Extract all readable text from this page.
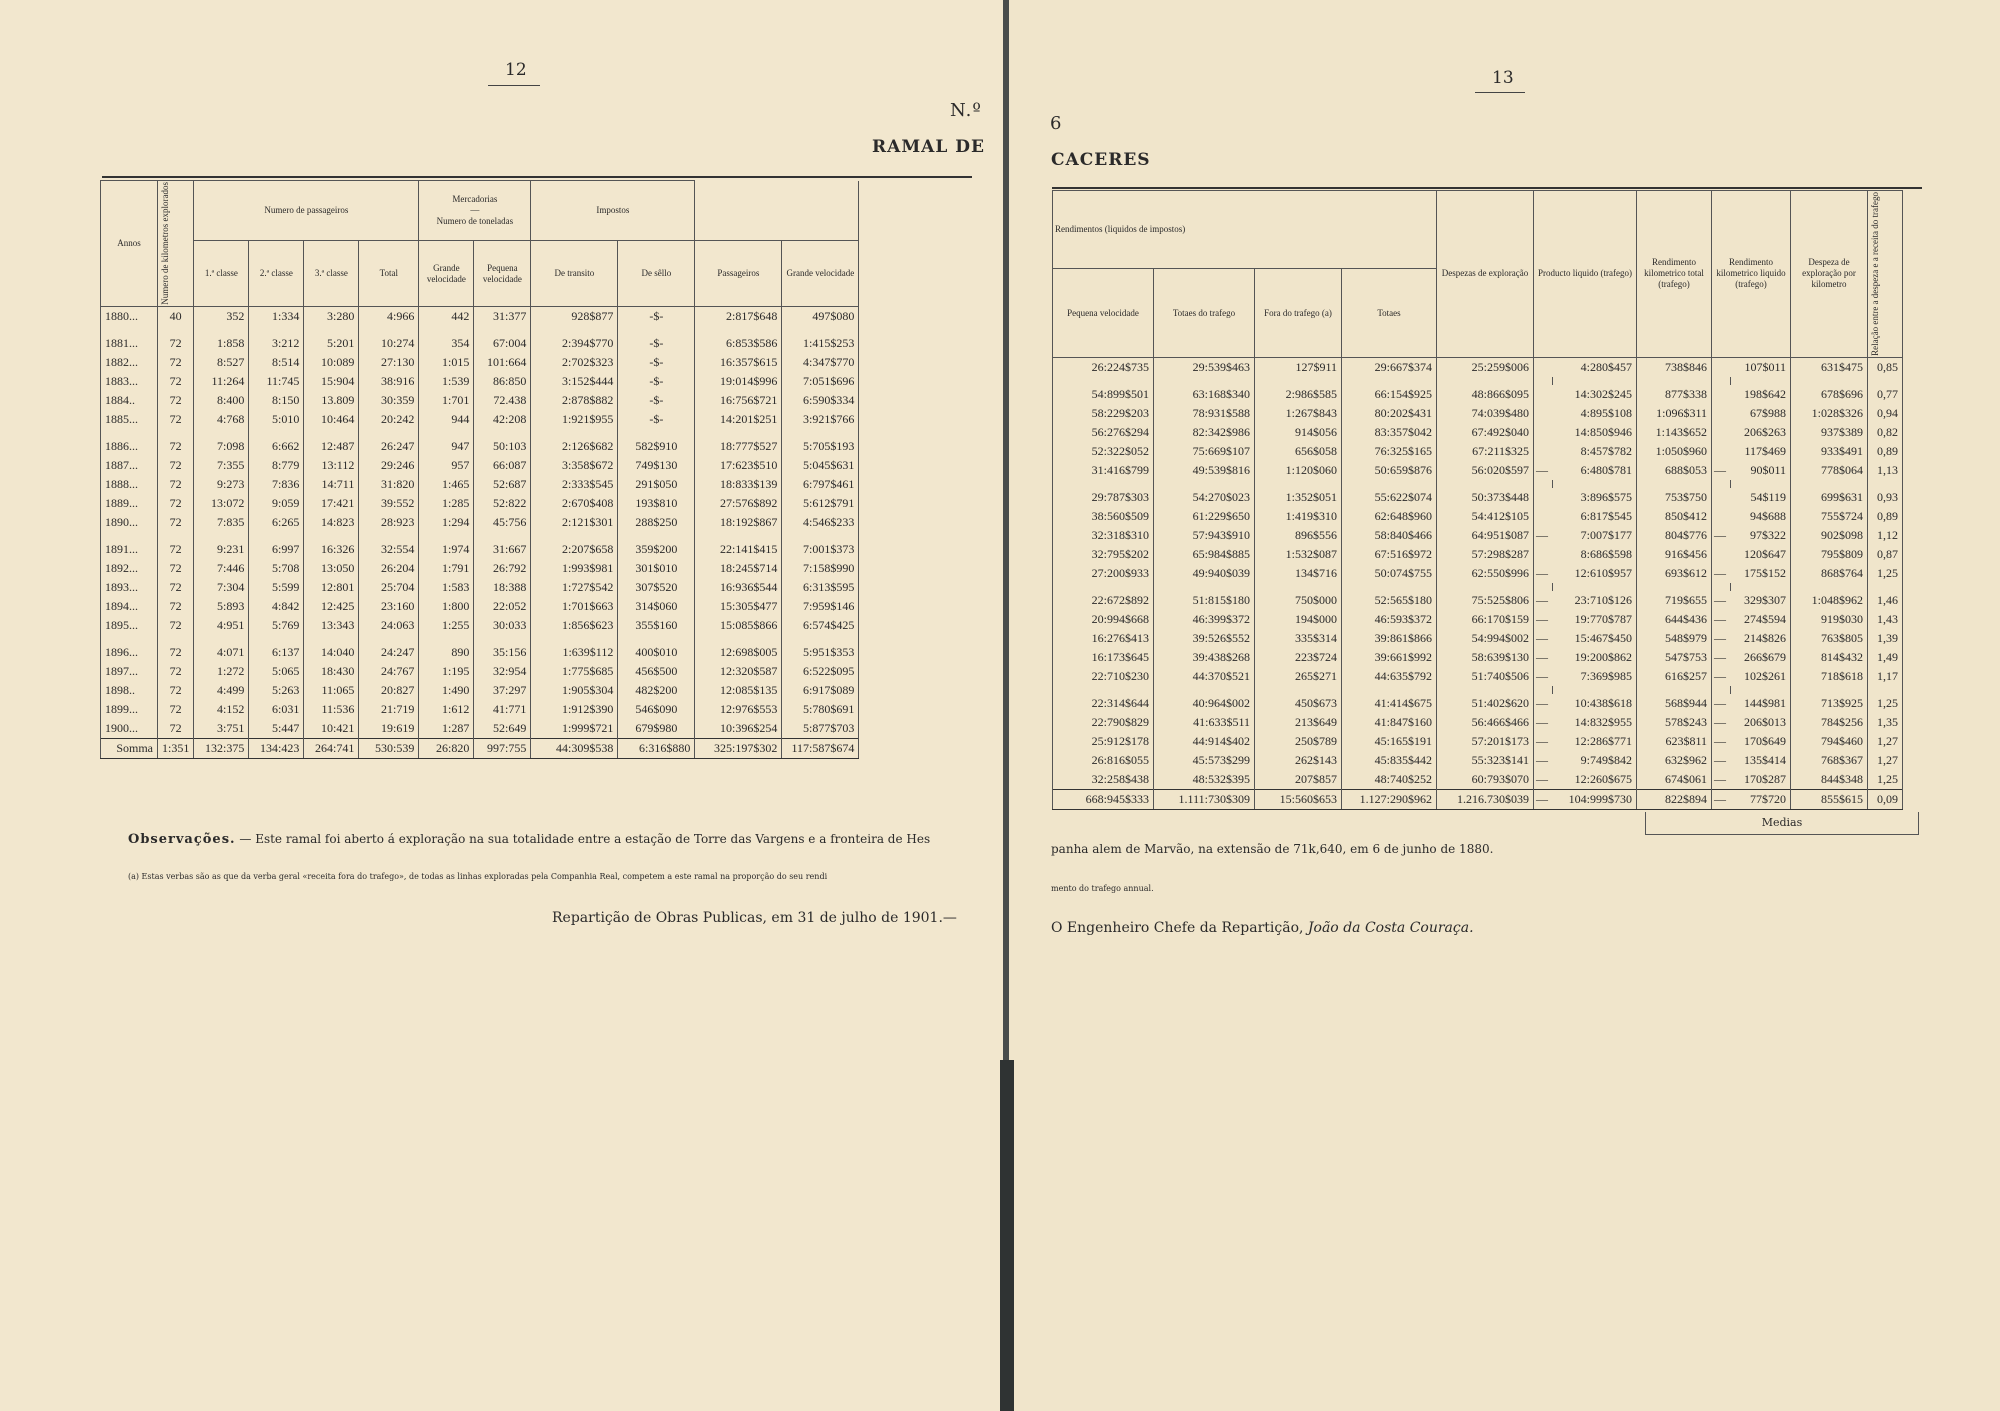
12
N.º
RAMAL DE
Annos	Numero de kilometros explorados	Numero de passageiros				Mercadorias
—
Numero de toneladas		Impostos			
		1.ª classe	2.ª classe	3.ª classe	Total	Grande velocidade	Pequena velocidade	De transito	De sêllo	Passageiros	Grande velocidade
1880...	40	352	1:334	3:280	4:966	442	31:377	928$877	-$-	2:817$648	497$080

1881...	72	1:858	3:212	5:201	10:274	354	67:004	2:394$770	-$-	6:853$586	1:415$253
1882...	72	8:527	8:514	10:089	27:130	1:015	101:664	2:702$323	-$-	16:357$615	4:347$770
1883...	72	11:264	11:745	15:904	38:916	1:539	86:850	3:152$444	-$-	19:014$996	7:051$696
1884..	72	8:400	8:150	13.809	30:359	1:701	72.438	2:878$882	-$-	16:756$721	6:590$334
1885...	72	4:768	5:010	10:464	20:242	944	42:208	1:921$955	-$-	14:201$251	3:921$766

1886...	72	7:098	6:662	12:487	26:247	947	50:103	2:126$682	582$910	18:777$527	5:705$193
1887...	72	7:355	8:779	13:112	29:246	957	66:087	3:358$672	749$130	17:623$510	5:045$631
1888...	72	9:273	7:836	14:711	31:820	1:465	52:687	2:333$545	291$050	18:833$139	6:797$461
1889...	72	13:072	9:059	17:421	39:552	1:285	52:822	2:670$408	193$810	27:576$892	5:612$791
1890...	72	7:835	6:265	14:823	28:923	1:294	45:756	2:121$301	288$250	18:192$867	4:546$233

1891...	72	9:231	6:997	16:326	32:554	1:974	31:667	2:207$658	359$200	22:141$415	7:001$373
1892...	72	7:446	5:708	13:050	26:204	1:791	26:792	1:993$981	301$010	18:245$714	7:158$990
1893...	72	7:304	5:599	12:801	25:704	1:583	18:388	1:727$542	307$520	16:936$544	6:313$595
1894...	72	5:893	4:842	12:425	23:160	1:800	22:052	1:701$663	314$060	15:305$477	7:959$146
1895...	72	4:951	5:769	13:343	24:063	1:255	30:033	1:856$623	355$160	15:085$866	6:574$425

1896...	72	4:071	6:137	14:040	24:247	890	35:156	1:639$112	400$010	12:698$005	5:951$353
1897...	72	1:272	5:065	18:430	24:767	1:195	32:954	1:775$685	456$500	12:320$587	6:522$095
1898..	72	4:499	5:263	11:065	20:827	1:490	37:297	1:905$304	482$200	12:085$135	6:917$089
1899...	72	4:152	6:031	11:536	21:719	1:612	41:771	1:912$390	546$090	12:976$553	5:780$691
1900...	72	3:751	5:447	10:421	19:619	1:287	52:649	1:999$721	679$980	10:396$254	5:877$703
Somma	1:351	132:375	134:423	264:741	530:539	26:820	997:755	44:309$538	6:316$880	325:197$302	117:587$674
Observações. — Este ramal foi aberto á exploração na sua totalidade entre a estação de Torre das Vargens e a fronteira de Hes
(a) Estas verbas são as que da verba geral «receita fora do trafego», de todas as linhas exploradas pela Companhia Real, competem a este ramal na proporção do seu rendi
Repartição de Obras Publicas, em 31 de julho de 1901.—
13
6
CACERES
Rendimentos (liquidos de impostos)				Despezas de exploração	Producto liquido (trafego)		Rendimento kilometrico total (trafego)	Rendimento kilometrico liquido (trafego)		Despeza de exploração por kilometro	Relação entre a despeza e a receita do trafego

Pequena velocidade	Totaes do trafego	Fora do trafego (a)	Totaes								
26:224$735	29:539$463	127$911	29:667$374	25:259$006		4:280$457	738$846		107$011	631$475	0,85

54:899$501	63:168$340	2:986$585	66:154$925	48:866$095		14:302$245	877$338		198$642	678$696	0,77
58:229$203	78:931$588	1:267$843	80:202$431	74:039$480		4:895$108	1:096$311		67$988	1:028$326	0,94
56:276$294	82:342$986	914$056	83:357$042	67:492$040		14:850$946	1:143$652		206$263	937$389	0,82
52:322$052	75:669$107	656$058	76:325$165	67:211$325		8:457$782	1:050$960		117$469	933$491	0,89
31:416$799	49:539$816	1:120$060	50:659$876	56:020$597	—	6:480$781	688$053	—	90$011	778$064	1,13

29:787$303	54:270$023	1:352$051	55:622$074	50:373$448		3:896$575	753$750		54$119	699$631	0,93
38:560$509	61:229$650	1:419$310	62:648$960	54:412$105		6:817$545	850$412		94$688	755$724	0,89
32:318$310	57:943$910	896$556	58:840$466	64:951$087	—	7:007$177	804$776	—	97$322	902$098	1,12
32:795$202	65:984$885	1:532$087	67:516$972	57:298$287		8:686$598	916$456		120$647	795$809	0,87
27:200$933	49:940$039	134$716	50:074$755	62:550$996	—	12:610$957	693$612	—	175$152	868$764	1,25

22:672$892	51:815$180	750$000	52:565$180	75:525$806	—	23:710$126	719$655	—	329$307	1:048$962	1,46
20:994$668	46:399$372	194$000	46:593$372	66:170$159	—	19:770$787	644$436	—	274$594	919$030	1,43
16:276$413	39:526$552	335$314	39:861$866	54:994$002	—	15:467$450	548$979	—	214$826	763$805	1,39
16:173$645	39:438$268	223$724	39:661$992	58:639$130	—	19:200$862	547$753	—	266$679	814$432	1,49
22:710$230	44:370$521	265$271	44:635$792	51:740$506	—	7:369$985	616$257	—	102$261	718$618	1,17

22:314$644	40:964$002	450$673	41:414$675	51:402$620	—	10:438$618	568$944	—	144$981	713$925	1,25
22:790$829	41:633$511	213$649	41:847$160	56:466$466	—	14:832$955	578$243	—	206$013	784$256	1,35
25:912$178	44:914$402	250$789	45:165$191	57:201$173	—	12:286$771	623$811	—	170$649	794$460	1,27
26:816$055	45:573$299	262$143	45:835$442	55:323$141	—	9:749$842	632$962	—	135$414	768$367	1,27
32:258$438	48:532$395	207$857	48:740$252	60:793$070	—	12:260$675	674$061	—	170$287	844$348	1,25
668:945$333	1.111:730$309	15:560$653	1.127:290$962	1.216.730$039	—	104:999$730	822$894	—	77$720	855$615	0,09
Medias
panha alem de Marvão, na extensão de 71k,640, em 6 de junho de 1880.
mento do trafego annual.
O Engenheiro Chefe da Repartição, João da Costa Couraça.
